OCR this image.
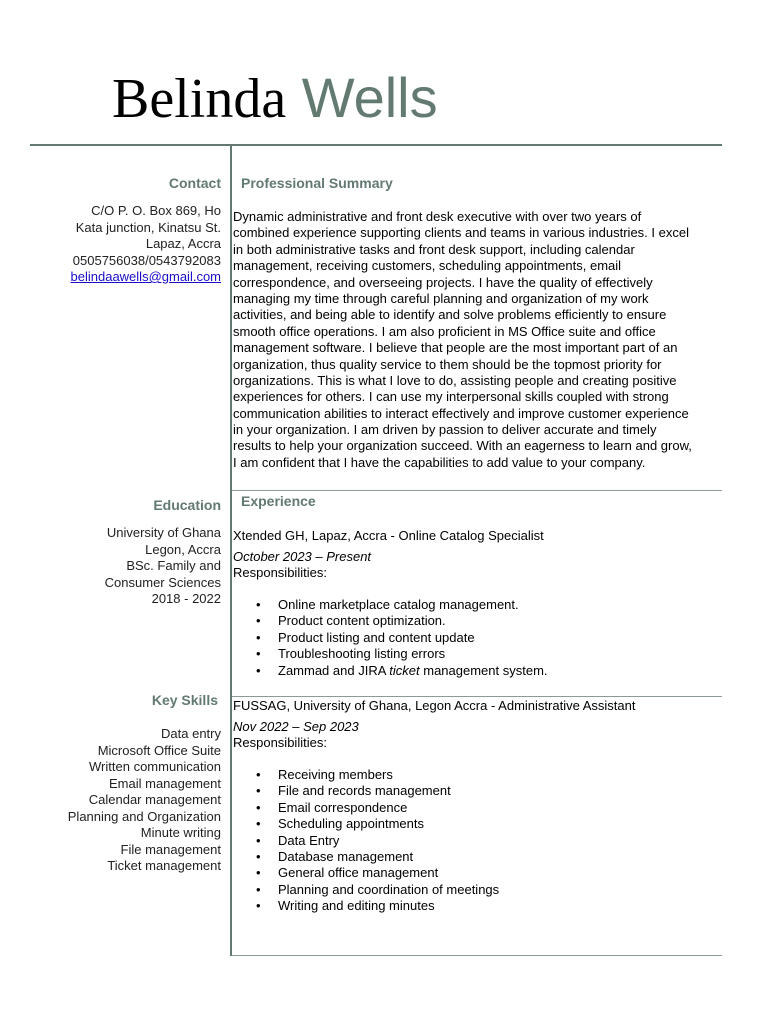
Belinda Wells
Contact
C/O P. O. Box 869, Ho
Kata junction, Kinatsu St.
Lapaz, Accra
0505756038/0543792083
belindaawells@gmail.com
Education
University of Ghana
Legon, Accra
BSc. Family and
Consumer Sciences
2018 - 2022
Key Skills
Data entry
Microsoft Office Suite
Written communication
Email management
Calendar management
Planning and Organization
Minute writing
File management
Ticket management
Professional Summary
Dynamic administrative and front desk executive with over two years of
combined experience supporting clients and teams in various industries. I excel
in both administrative tasks and front desk support, including calendar
management, receiving customers, scheduling appointments, email
correspondence, and overseeing projects. I have the quality of effectively
managing my time through careful planning and organization of my work
activities, and being able to identify and solve problems efficiently to ensure
smooth office operations. I am also proficient in MS Office suite and office
management software. I believe that people are the most important part of an
organization, thus quality service to them should be the topmost priority for
organizations. This is what I love to do, assisting people and creating positive
experiences for others. I can use my interpersonal skills coupled with strong
communication abilities to interact effectively and improve customer experience
in your organization. I am driven by passion to deliver accurate and timely
results to help your organization succeed. With an eagerness to learn and grow,
I am confident that I have the capabilities to add value to your company.
Experience
Xtended GH, Lapaz, Accra - Online Catalog Specialist
October 2023 – Present
Responsibilities:
• Online marketplace catalog management.
• Product content optimization.
• Product listing and content update
• Troubleshooting listing errors
• Zammad and JIRA ticket management system.
FUSSAG, University of Ghana, Legon Accra - Administrative Assistant
Nov 2022 – Sep 2023
Responsibilities:
• Receiving members
• File and records management
• Email correspondence
• Scheduling appointments
• Data Entry
• Database management
• General office management
• Planning and coordination of meetings
• Writing and editing minutes
